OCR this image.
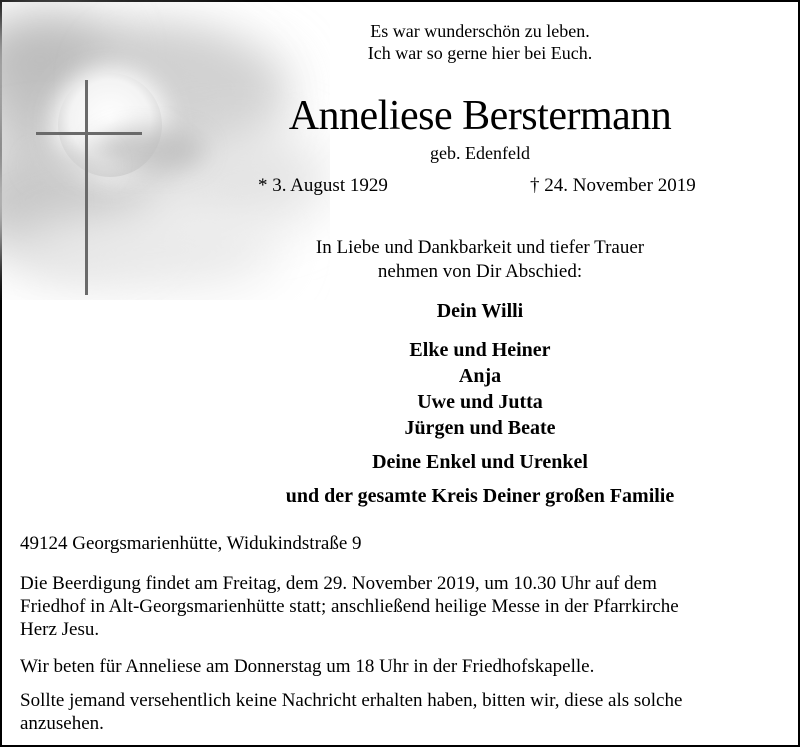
Es war wunderschön zu leben.
Ich war so gerne hier bei Euch.
Anneliese Berstermann
geb. Edenfeld
* 3. August 1929	† 24. November 2019
In Liebe und Dankbarkeit und tiefer Trauer
nehmen von Dir Abschied:
Dein Willi
Elke und Heiner
Anja
Uwe und Jutta
Jürgen und Beate
Deine Enkel und Urenkel
und der gesamte Kreis Deiner großen Familie
49124 Georgsmarienhütte, Widukindstraße 9
Die Beerdigung findet am Freitag, dem 29. November 2019, um 10.30 Uhr auf dem
Friedhof in Alt-Georgsmarienhütte statt; anschließend heilige Messe in der Pfarrkirche
Herz Jesu.
Wir beten für Anneliese am Donnerstag um 18 Uhr in der Friedhofskapelle.
Sollte jemand versehentlich keine Nachricht erhalten haben, bitten wir, diese als solche
anzusehen.
